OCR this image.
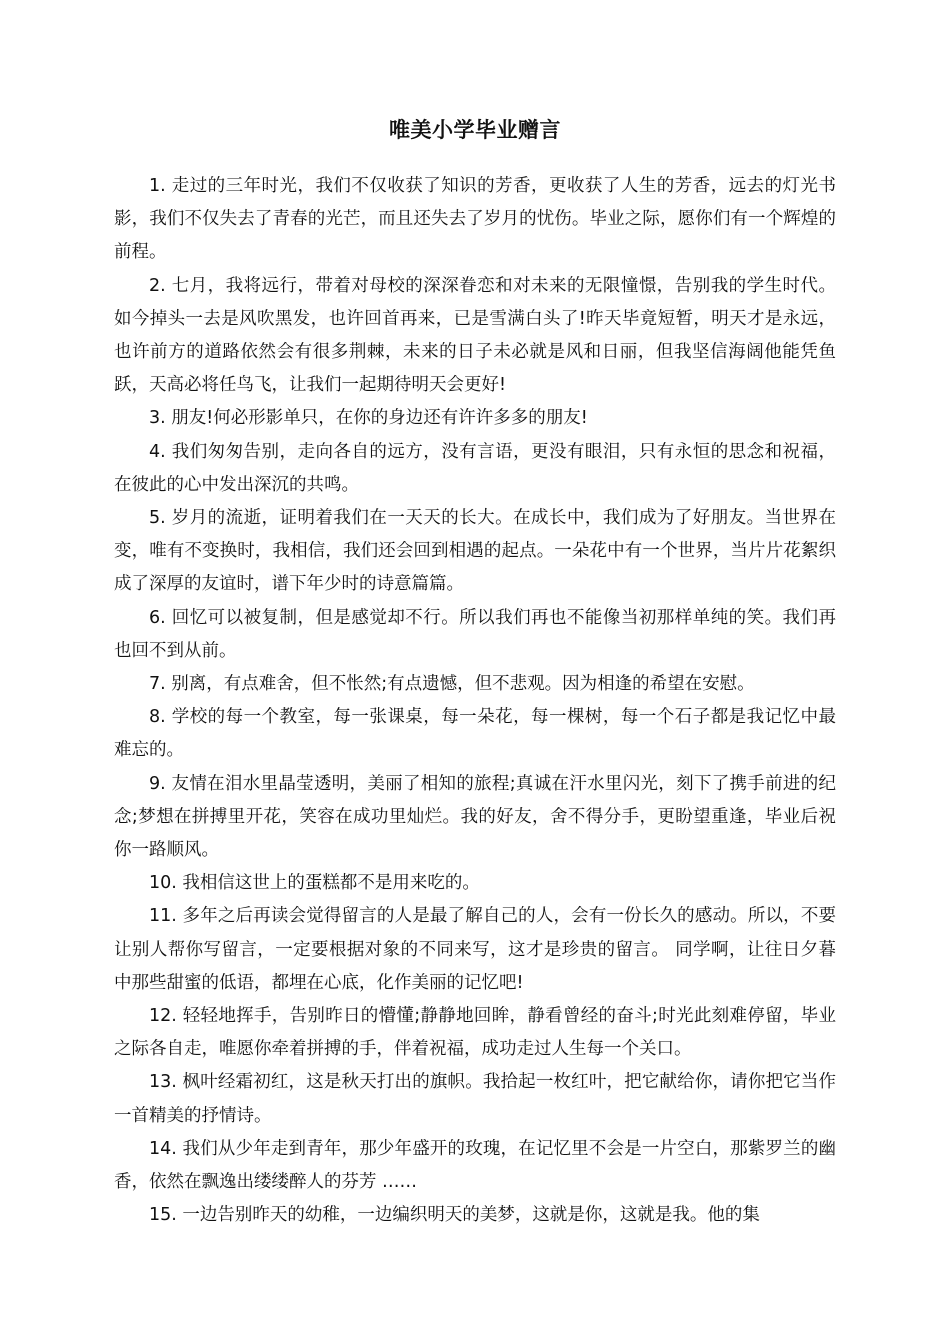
唯美小学毕业赠言

1. 走过的三年时光，我们不仅收获了知识的芳香，更收获了人生的芳香，远去的灯光书影，我们不仅失去了青春的光芒，而且还失去了岁月的忧伤。毕业之际，愿你们有一个辉煌的前程。

2. 七月，我将远行，带着对母校的深深眷恋和对未来的无限憧憬，告别我的学生时代。如今掉头一去是风吹黑发，也许回首再来，已是雪满白头了!昨天毕竟短暂，明天才是永远，也许前方的道路依然会有很多荆棘，未来的日子未必就是风和日丽，但我坚信海阔他能凭鱼跃，天高必将任鸟飞，让我们一起期待明天会更好!

3. 朋友!何必形影单只，在你的身边还有许许多多的朋友!

4. 我们匆匆告别，走向各自的远方，没有言语，更没有眼泪，只有永恒的思念和祝福，在彼此的心中发出深沉的共鸣。

5. 岁月的流逝，证明着我们在一天天的长大。在成长中，我们成为了好朋友。当世界在变，唯有不变换时，我相信，我们还会回到相遇的起点。一朵花中有一个世界，当片片花絮织成了深厚的友谊时，谱下年少时的诗意篇篇。

6. 回忆可以被复制，但是感觉却不行。所以我们再也不能像当初那样单纯的笑。我们再也回不到从前。

7. 别离，有点难舍，但不怅然;有点遗憾，但不悲观。因为相逢的希望在安慰。

8. 学校的每一个教室，每一张课桌，每一朵花，每一棵树，每一个石子都是我记忆中最难忘的。

9. 友情在泪水里晶莹透明，美丽了相知的旅程;真诚在汗水里闪光，刻下了携手前进的纪念;梦想在拼搏里开花，笑容在成功里灿烂。我的好友，舍不得分手，更盼望重逢，毕业后祝你一路顺风。

10. 我相信这世上的蛋糕都不是用来吃的。

11. 多年之后再读会觉得留言的人是最了解自己的人，会有一份长久的感动。所以，不要让别人帮你写留言，一定要根据对象的不同来写，这才是珍贵的留言。 同学啊，让往日夕暮中那些甜蜜的低语，都埋在心底，化作美丽的记忆吧!

12. 轻轻地挥手，告别昨日的懵懂;静静地回眸，静看曾经的奋斗;时光此刻难停留，毕业之际各自走，唯愿你牵着拼搏的手，伴着祝福，成功走过人生每一个关口。

13. 枫叶经霜初红，这是秋天打出的旗帜。我拾起一枚红叶，把它献给你，请你把它当作一首精美的抒情诗。

14. 我们从少年走到青年，那少年盛开的玫瑰，在记忆里不会是一片空白，那紫罗兰的幽香，依然在飘逸出缕缕醉人的芬芳 ……

15. 一边告别昨天的幼稚，一边编织明天的美梦，这就是你，这就是我。他的集
